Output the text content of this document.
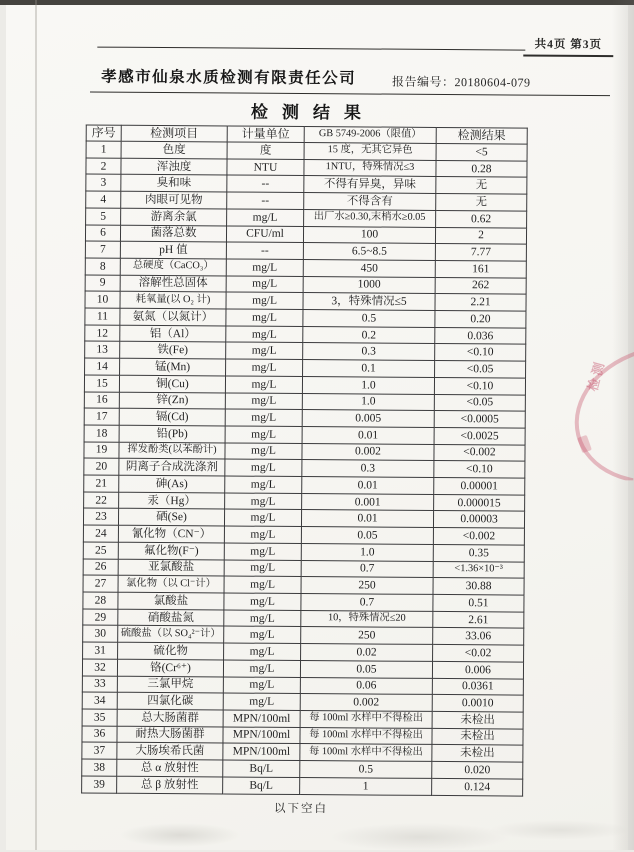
共4页 第3页
孝感市仙泉水质检测有限责任公司	报告编号：20180604-079
检测结果
序号	检测项目	计量单位	GB 5749-2006（限值）	检测结果
1	色度	度	15 度，无其它异色	<5
2	浑浊度	NTU	1NTU，特殊情况≤3	0.28
3	臭和味	--	不得有异臭，异味	无
4	肉眼可见物	--	不得含有	无
5	游离余氯	mg/L	出厂水≥0.30,末梢水≥0.05	0.62
6	菌落总数	CFU/ml	100	2
7	pH 值	--	6.5~8.5	7.77
8	总硬度（CaCO₃）	mg/L	450	161
9	溶解性总固体	mg/L	1000	262
10	耗氧量(以 O₂ 计)	mg/L	3，特殊情况≤5	2.21
11	氨氮（以氮计）	mg/L	0.5	0.20
12	铝（Al）	mg/L	0.2	0.036
13	铁(Fe)	mg/L	0.3	<0.10
14	锰(Mn)	mg/L	0.1	<0.05
15	铜(Cu)	mg/L	1.0	<0.10
16	锌(Zn)	mg/L	1.0	<0.05
17	镉(Cd)	mg/L	0.005	<0.0005
18	铅(Pb)	mg/L	0.01	<0.0025
19	挥发酚类(以苯酚计)	mg/L	0.002	<0.002
20	阴离子合成洗涤剂	mg/L	0.3	<0.10
21	砷(As)	mg/L	0.01	0.00001
22	汞（Hg）	mg/L	0.001	0.000015
23	硒(Se)	mg/L	0.01	0.00003
24	氰化物（CN⁻）	mg/L	0.05	<0.002
25	氟化物(F⁻)	mg/L	1.0	0.35
26	亚氯酸盐	mg/L	0.7	<1.36×10⁻³
27	氯化物（以 Cl⁻计）	mg/L	250	30.88
28	氯酸盐	mg/L	0.7	0.51
29	硝酸盐氮	mg/L	10，特殊情况≤20	2.61
30	硫酸盐（以 SO₄²⁻计）	mg/L	250	33.06
31	硫化物	mg/L	0.02	<0.02
32	铬(Cr⁶⁺)	mg/L	0.05	0.006
33	三氯甲烷	mg/L	0.06	0.0361
34	四氯化碳	mg/L	0.002	0.0010
35	总大肠菌群	MPN/100ml	每 100ml 水样中不得检出	未检出
36	耐热大肠菌群	MPN/100ml	每 100ml 水样中不得检出	未检出
37	大肠埃希氏菌	MPN/100ml	每 100ml 水样中不得检出	未检出
38	总 α 放射性	Bq/L	0.5	0.020
39	总 β 放射性	Bq/L	1	0.124
以下空白
检测
